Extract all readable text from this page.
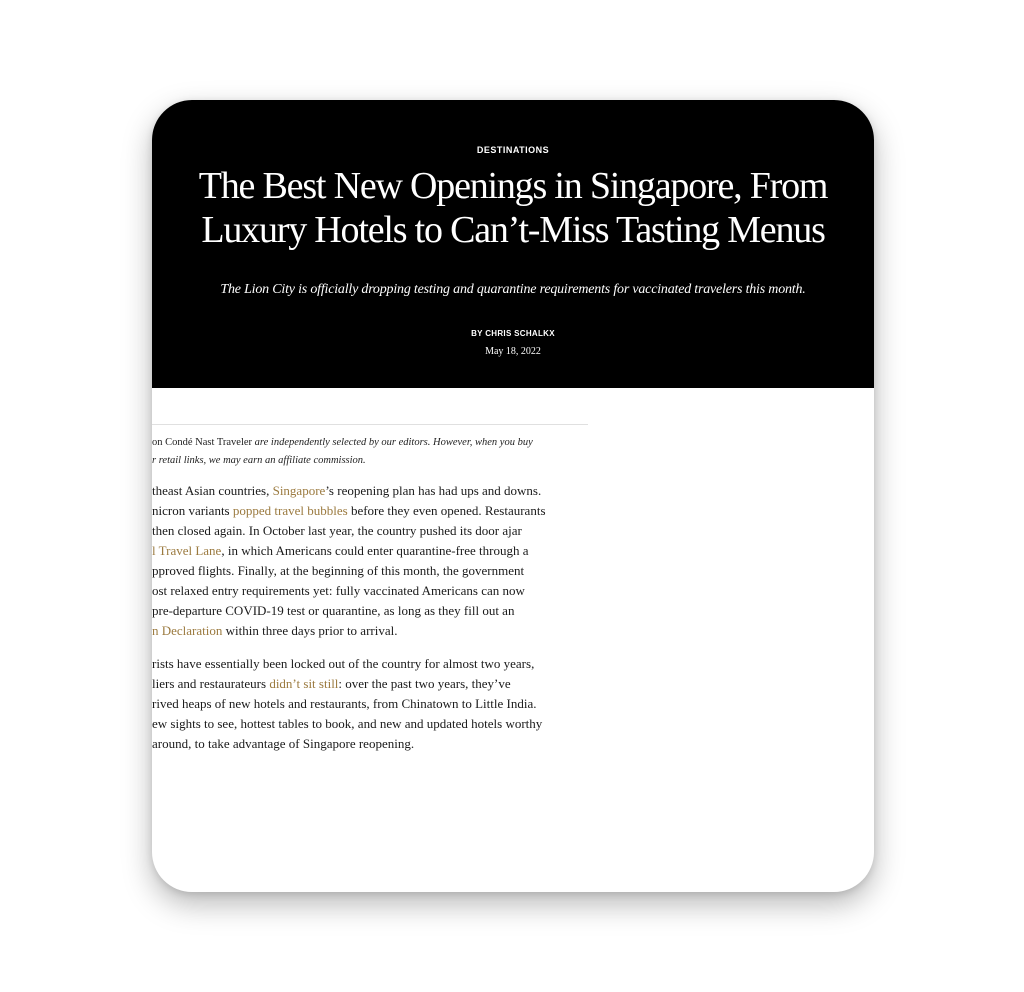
DESTINATIONS
The Best New Openings in Singapore, From
Luxury Hotels to Can’t-Miss Tasting Menus
The Lion City is officially dropping testing and quarantine requirements for vaccinated travelers this month.
BY CHRIS SCHALKX
May 18, 2022
on Condé Nast Traveler are independently selected by our editors. However, when you buy
r retail links, we may earn an affiliate commission.
theast Asian countries, Singapore’s reopening plan has had ups and downs.
nicron variants popped travel bubbles before they even opened. Restaurants
then closed again. In October last year, the country pushed its door ajar
l Travel Lane, in which Americans could enter quarantine-free through a
pproved flights. Finally, at the beginning of this month, the government
ost relaxed entry requirements yet: fully vaccinated Americans can now
pre-departure COVID-19 test or quarantine, as long as they fill out an
n Declaration within three days prior to arrival.
rists have essentially been locked out of the country for almost two years,
liers and restaurateurs didn’t sit still: over the past two years, they’ve
rived heaps of new hotels and restaurants, from Chinatown to Little India.
ew sights to see, hottest tables to book, and new and updated hotels worthy
around, to take advantage of Singapore reopening.
